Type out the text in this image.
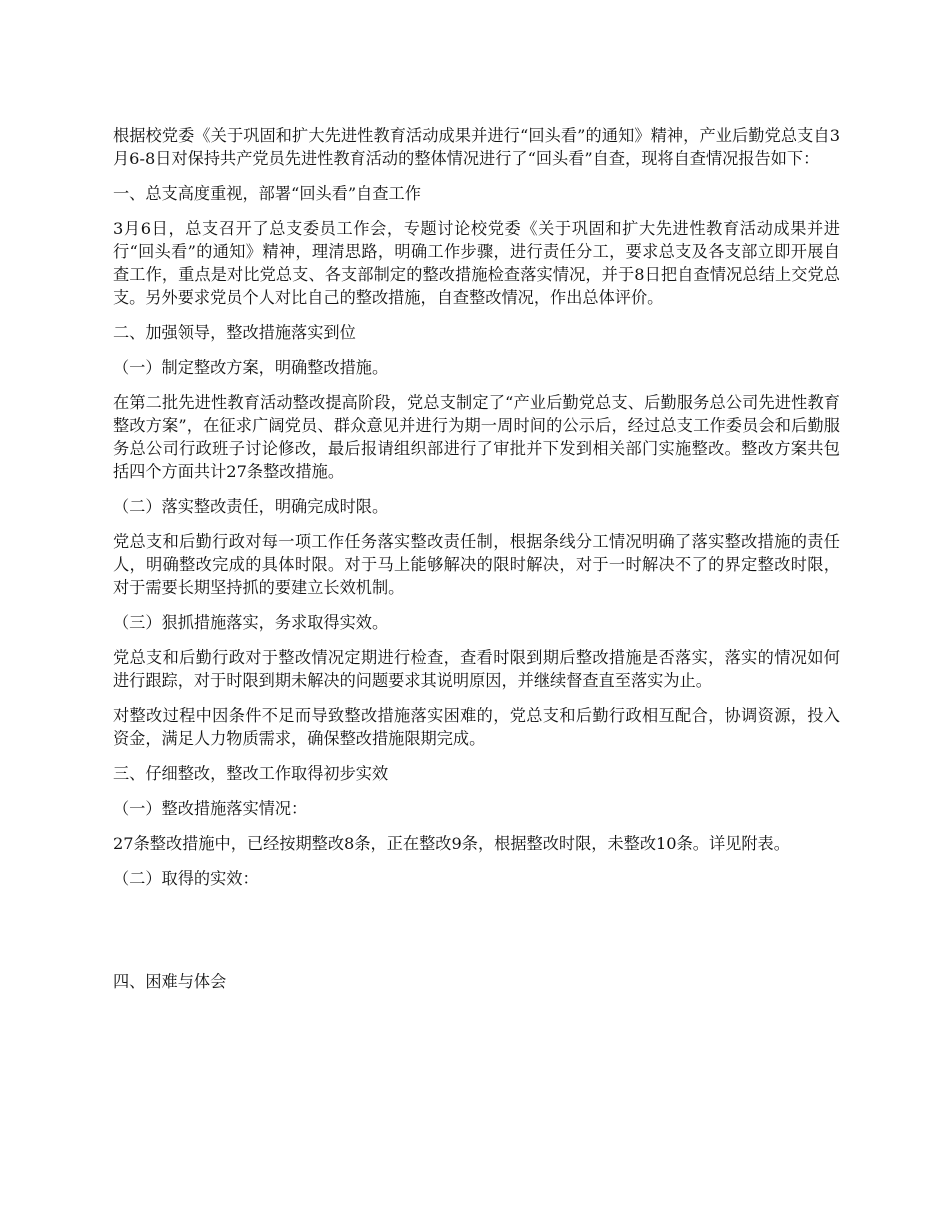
根据校党委《关于巩固和扩大先进性教育活动成果并进行“回头看”的通知》精神，产业后勤党总支自3月6-8日对保持共产党员先进性教育活动的整体情况进行了“回头看”自查，现将自查情况报告如下：

一、总支高度重视，部署“回头看”自查工作

3月6日，总支召开了总支委员工作会，专题讨论校党委《关于巩固和扩大先进性教育活动成果并进行“回头看”的通知》精神，理清思路，明确工作步骤，进行责任分工，要求总支及各支部立即开展自查工作，重点是对比党总支、各支部制定的整改措施检查落实情况，并于8日把自查情况总结上交党总支。另外要求党员个人对比自己的整改措施，自查整改情况，作出总体评价。

二、加强领导，整改措施落实到位

（一）制定整改方案，明确整改措施。

在第二批先进性教育活动整改提高阶段，党总支制定了“产业后勤党总支、后勤服务总公司先进性教育整改方案”，在征求广阔党员、群众意见并进行为期一周时间的公示后，经过总支工作委员会和后勤服务总公司行政班子讨论修改，最后报请组织部进行了审批并下发到相关部门实施整改。整改方案共包括四个方面共计27条整改措施。

（二）落实整改责任，明确完成时限。

党总支和后勤行政对每一项工作任务落实整改责任制，根据条线分工情况明确了落实整改措施的责任人，明确整改完成的具体时限。对于马上能够解决的限时解决，对于一时解决不了的界定整改时限，对于需要长期坚持抓的要建立长效机制。

（三）狠抓措施落实，务求取得实效。

党总支和后勤行政对于整改情况定期进行检查，查看时限到期后整改措施是否落实，落实的情况如何进行跟踪，对于时限到期未解决的问题要求其说明原因，并继续督查直至落实为止。

对整改过程中因条件不足而导致整改措施落实困难的，党总支和后勤行政相互配合，协调资源，投入资金，满足人力物质需求，确保整改措施限期完成。

三、仔细整改，整改工作取得初步实效

（一）整改措施落实情况：

27条整改措施中，已经按期整改8条，正在整改9条，根据整改时限，未整改10条。详见附表。

（二）取得的实效：

四、困难与体会
